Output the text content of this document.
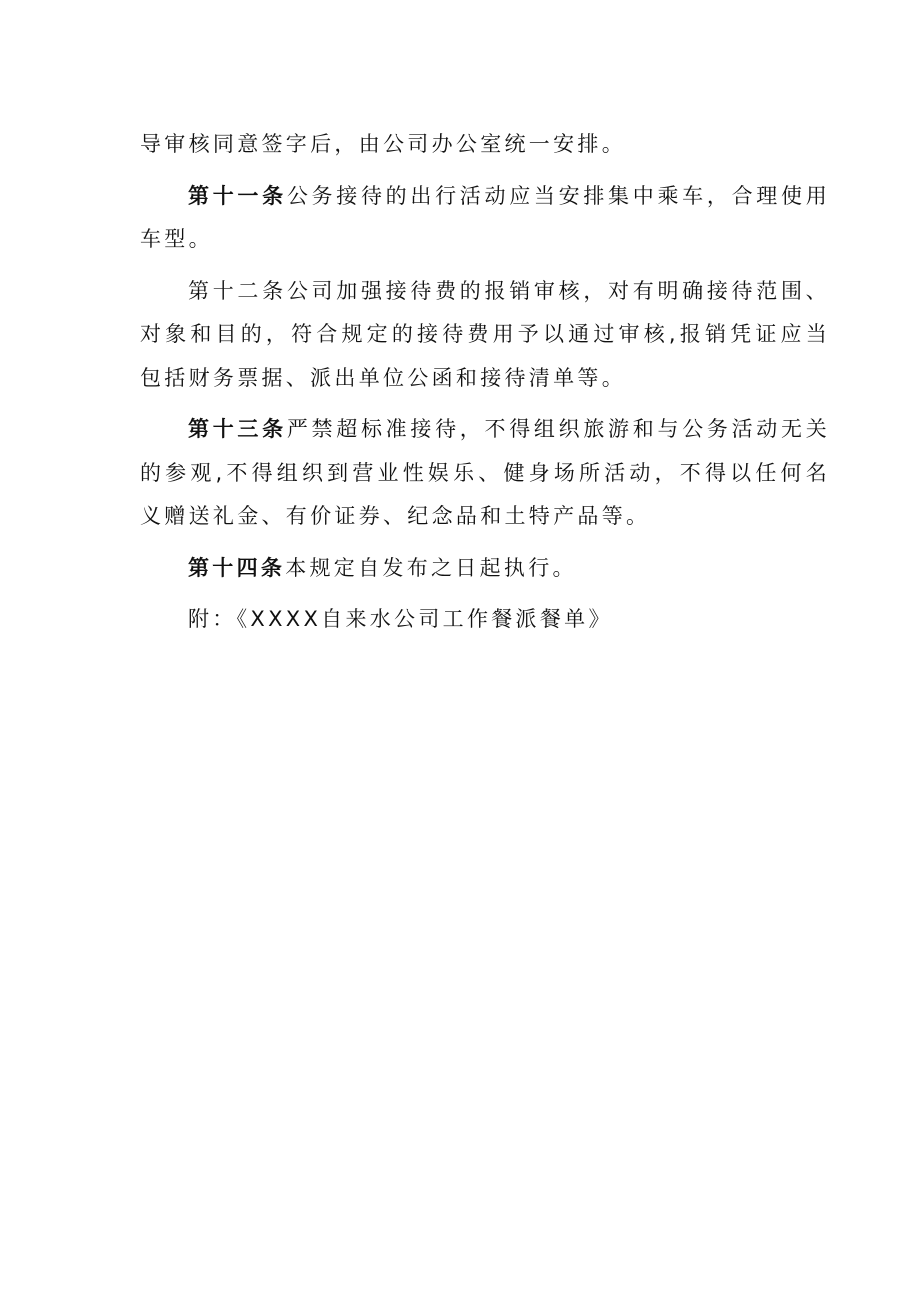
导审核同意签字后，由公司办公室统一安排。

第十一条公务接待的出行活动应当安排集中乘车，合理使用车型。

第十二条公司加强接待费的报销审核，对有明确接待范围、对象和目的，符合规定的接待费用予以通过审核,报销凭证应当包括财务票据、派出单位公函和接待清单等。

第十三条严禁超标准接待，不得组织旅游和与公务活动无关的参观,不得组织到营业性娱乐、健身场所活动，不得以任何名义赠送礼金、有价证券、纪念品和土特产品等。

第十四条本规定自发布之日起执行。

附：《XXXX自来水公司工作餐派餐单》
